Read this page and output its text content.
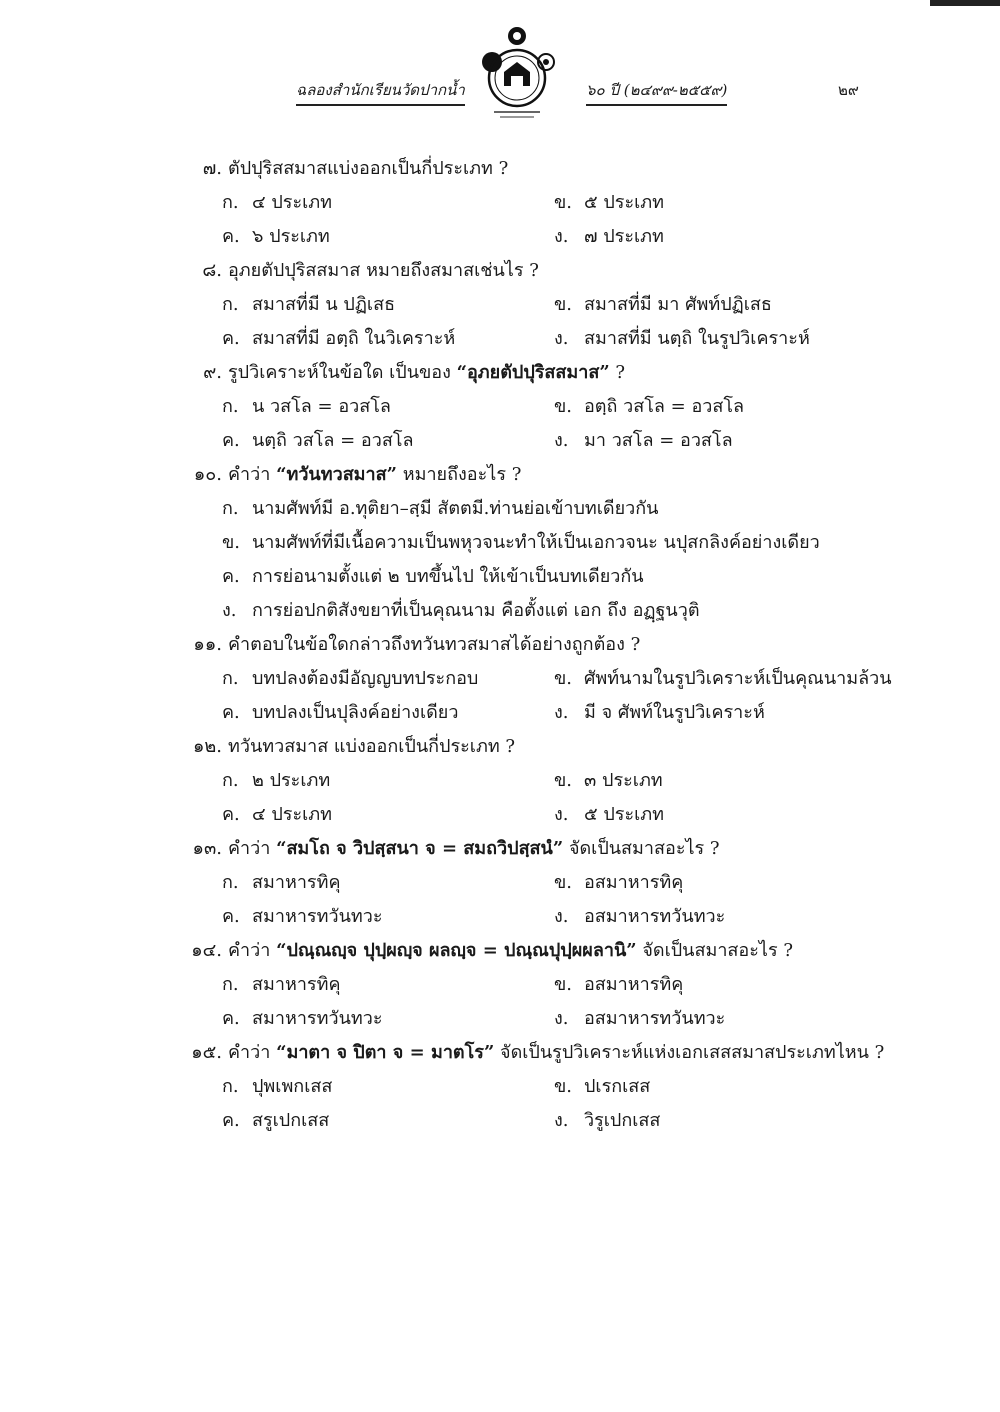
ฉลองสำนักเรียนวัดปากน้ำ	๖๐ ปี (๒๔๙๙-๒๕๕๙)	๒๙
๗. ตัปปุริสสมาสแบ่งออกเป็นกี่ประเภท ?
ก. ๔ ประเภท	ข. ๕ ประเภท
ค. ๖ ประเภท	ง. ๗ ประเภท
๘. อุภยตัปปุริสสมาส หมายถึงสมาสเช่นไร ?
ก. สมาสที่มี น ปฏิเสธ	ข. สมาสที่มี มา ศัพท์ปฏิเสธ
ค. สมาสที่มี อตฺถิ ในวิเคราะห์	ง. สมาสที่มี นตฺถิ ในรูปวิเคราะห์
๙. รูปวิเคราะห์ในข้อใด เป็นของ “อุภยตัปปุริสสมาส” ?
ก. น วสโล = อวสโล	ข. อตฺถิ วสโล = อวสโล
ค. นตฺถิ วสโล = อวสโล	ง. มา วสโล = อวสโล
๑๐. คำว่า “ทวันทวสมาส” หมายถึงอะไร ?
ก. นามศัพท์มี อ.ทุติยา–สฺมี สัตตมี.ท่านย่อเข้าบทเดียวกัน
ข. นามศัพท์ที่มีเนื้อความเป็นพหุวจนะทำให้เป็นเอกวจนะ นปุสกลิงค์อย่างเดียว
ค. การย่อนามตั้งแต่ ๒ บทขึ้นไป ให้เข้าเป็นบทเดียวกัน
ง. การย่อปกติสังขยาที่เป็นคุณนาม คือตั้งแต่ เอก ถึง อฏฺฐนวุติ
๑๑. คำตอบในข้อใดกล่าวถึงทวันทวสมาสได้อย่างถูกต้อง ?
ก. บทปลงต้องมีอัญญบทประกอบ	ข. ศัพท์นามในรูปวิเคราะห์เป็นคุณนามล้วน
ค. บทปลงเป็นปุลิงค์อย่างเดียว	ง. มี จ ศัพท์ในรูปวิเคราะห์
๑๒. ทวันทวสมาส แบ่งออกเป็นกี่ประเภท ?
ก. ๒ ประเภท	ข. ๓ ประเภท
ค. ๔ ประเภท	ง. ๕ ประเภท
๑๓. คำว่า “สมโถ จ วิปสฺสนา จ = สมถวิปสฺสนํ” จัดเป็นสมาสอะไร ?
ก. สมาหารทิคุ	ข. อสมาหารทิคุ
ค. สมาหารทวันทวะ	ง. อสมาหารทวันทวะ
๑๔. คำว่า “ปณฺณญฺจ ปุปฺผญฺจ ผลญฺจ = ปณฺณปุปฺผผลานิ” จัดเป็นสมาสอะไร ?
ก. สมาหารทิคุ	ข. อสมาหารทิคุ
ค. สมาหารทวันทวะ	ง. อสมาหารทวันทวะ
๑๕. คำว่า “มาตา จ ปิตา จ = มาตโร” จัดเป็นรูปวิเคราะห์แห่งเอกเสสสมาสประเภทไหน ?
ก. ปุพเพกเสส	ข. ปเรกเสส
ค. สรูเปกเสส	ง. วิรูเปกเสส
